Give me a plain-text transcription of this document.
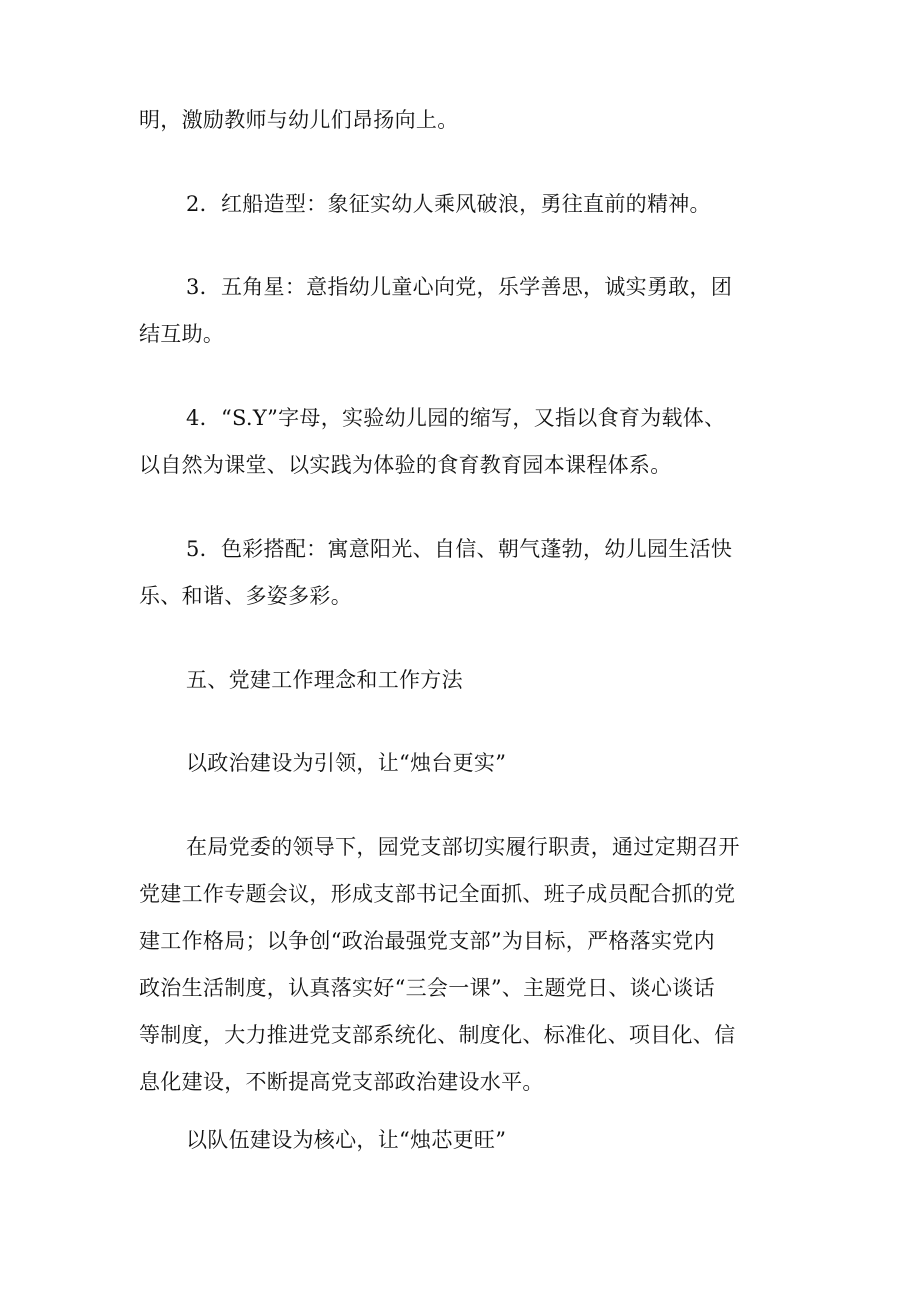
明，激励教师与幼儿们昂扬向上。
2．红船造型：象征实幼人乘风破浪，勇往直前的精神。
3．五角星：意指幼儿童心向党，乐学善思，诚实勇敢，团
结互助。
4．“S.Y”字母，实验幼儿园的缩写，又指以食育为载体、
以自然为课堂、以实践为体验的食育教育园本课程体系。
5．色彩搭配：寓意阳光、自信、朝气蓬勃，幼儿园生活快
乐、和谐、多姿多彩。
五、党建工作理念和工作方法
以政治建设为引领，让“烛台更实”
在局党委的领导下，园党支部切实履行职责，通过定期召开
党建工作专题会议，形成支部书记全面抓、班子成员配合抓的党
建工作格局；以争创“政治最强党支部”为目标，严格落实党内
政治生活制度，认真落实好“三会一课”、主题党日、谈心谈话
等制度，大力推进党支部系统化、制度化、标准化、项目化、信
息化建设，不断提高党支部政治建设水平。
以队伍建设为核心，让“烛芯更旺”
